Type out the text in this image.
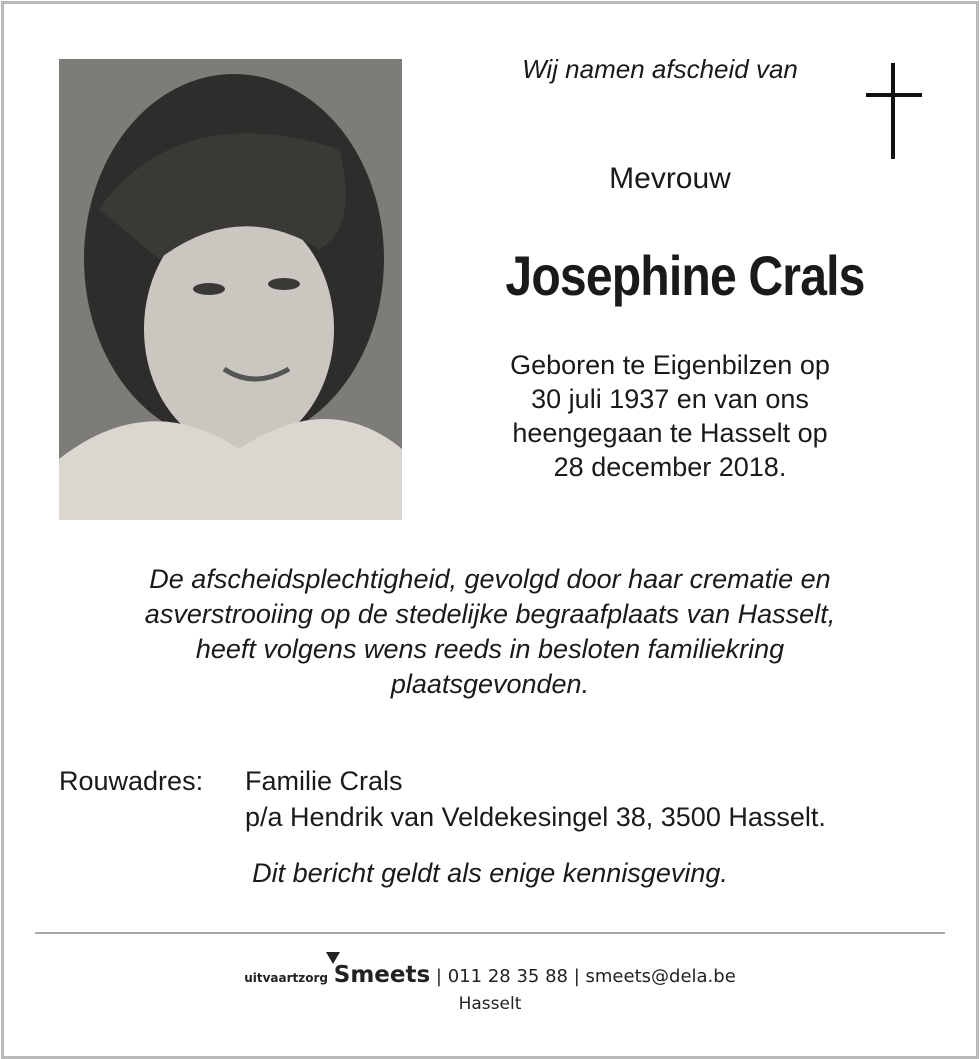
Wij namen afscheid van
Mevrouw
Josephine Crals
Geboren te Eigenbilzen op
30 juli 1937 en van ons
heengegaan te Hasselt op
28 december 2018.
De afscheidsplechtigheid, gevolgd door haar crematie en
asverstrooiing op de stedelijke begraafplaats van Hasselt,
heeft volgens wens reeds in besloten familiekring
plaatsgevonden.
Rouwadres: Familie Crals
p/a Hendrik van Veldekesingel 38, 3500 Hasselt.
Dit bericht geldt als enige kennisgeving.
uitvaartzorg Smeets | 011 28 35 88 | smeets@dela.be
Hasselt
